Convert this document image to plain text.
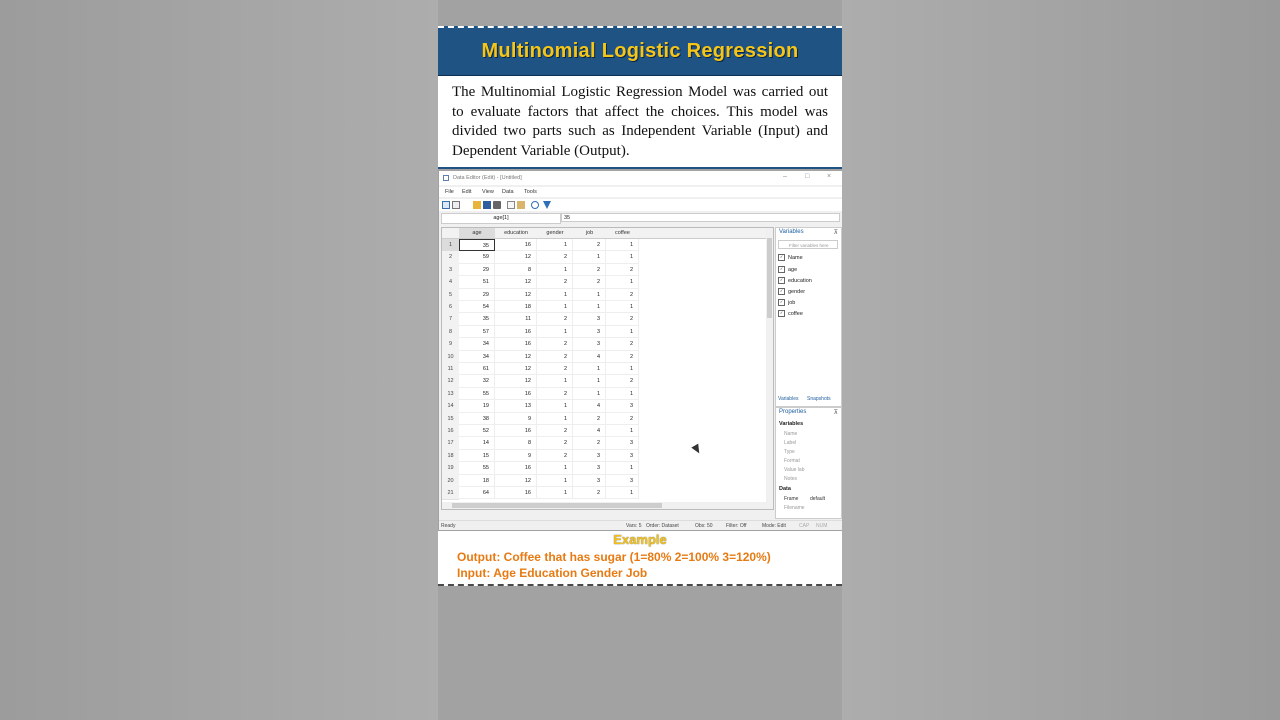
Multinomial Logistic Regression
The Multinomial Logistic Regression Model was carried out to evaluate factors that affect the choices. This model was divided two parts such as Independent Variable (Input) and Dependent Variable (Output).
Data Editor (Edit) - [Untitled]	–	□	×
File Edit View Data Tools
age[1]	35
age	education	gender	job	coffee
1	35	16	1	2	1
2	59	12	2	1	1
3	29	8	1	2	2
4	51	12	2	2	1
5	29	12	1	1	2
6	54	18	1	1	1
7	35	11	2	3	2
8	57	16	1	3	1
9	34	16	2	3	2
10	34	12	2	4	2
11	61	12	2	1	1
12	32	12	1	1	2
13	55	16	2	1	1
14	19	13	1	4	3
15	38	9	1	2	2
16	52	16	2	4	1
17	14	8	2	2	3
18	15	9	2	3	3
19	55	16	1	3	1
20	18	12	1	3	3
21	64	16	1	2	1
Variables	⊼
Filter variables here
✓ Name
✓ age
✓ education
✓ gender
✓ job
✓ coffee
Variables Snapshots
Properties	⊼
Variables
Name
Label
Type
Format
Value lab
Notes
Data
Frame default
Filename
Ready	Vars: 5 Order: Dataset	Obs: 50	Filter: Off	Mode: Edit	CAP NUM
Example
Output: Coffee that has sugar (1=80% 2=100% 3=120%)
Input: Age Education Gender Job
